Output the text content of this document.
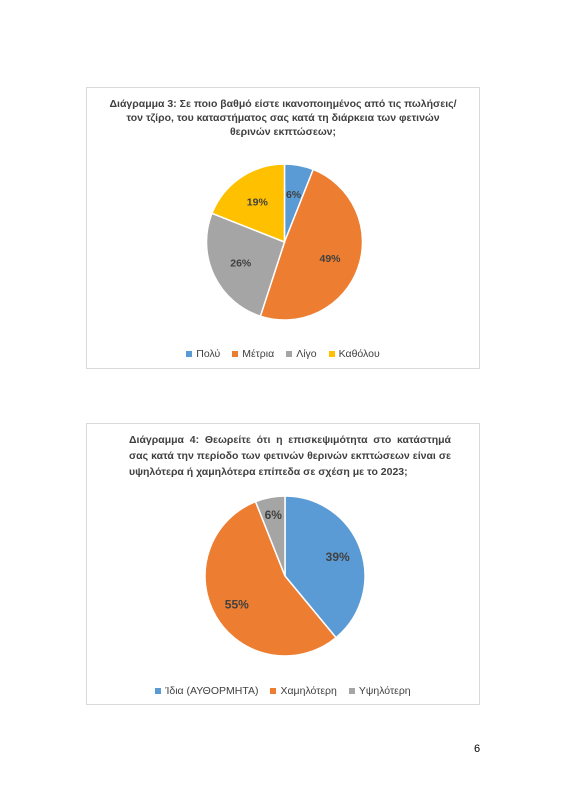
Διάγραμμα 3: Σε ποιο βαθμό είστε ικανοποιημένος από τις πωλήσεις/ τον τζίρο, του καταστήματος σας κατά τη διάρκεια των φετινών θερινών εκπτώσεων;
6%
49%
26%
19%
Πολύ Μέτρια Λίγο Καθόλου
Διάγραμμα 4: Θεωρείτε ότι η επισκεψιμότητα στο κατάστημά σας κατά την περίοδο των φετινών θερινών εκπτώσεων είναι σε υψηλότερα ή χαμηλότερα επίπεδα σε σχέση με το 2023;
39%
55%
6%
Ίδια (ΑΥΘΟΡΜΗΤΑ) Χαμηλότερη Υψηλότερη
6
